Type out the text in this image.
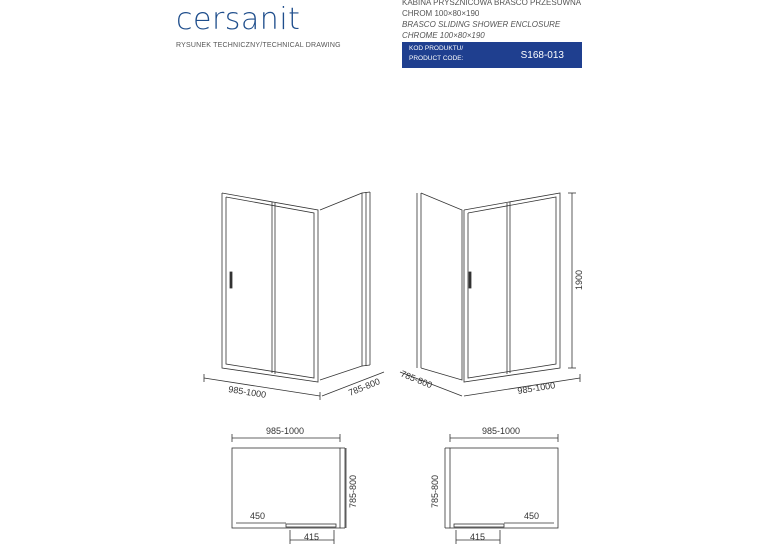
cersanit
RYSUNEK TECHNICZNY/TECHNICAL DRAWING
KABINA PRYSZNICOWA BRASCO PRZESUWNA
CHROM 100×80×190
BRASCO SLIDING SHOWER ENCLOSURE
CHROME 100×80×190
KOD PRODUKTU/
PRODUCT CODE:	S168-013
985-1000	785-800 785-800	985-1000
1900
985-1000
785-800
450
415
985-1000
785-800
450
415
